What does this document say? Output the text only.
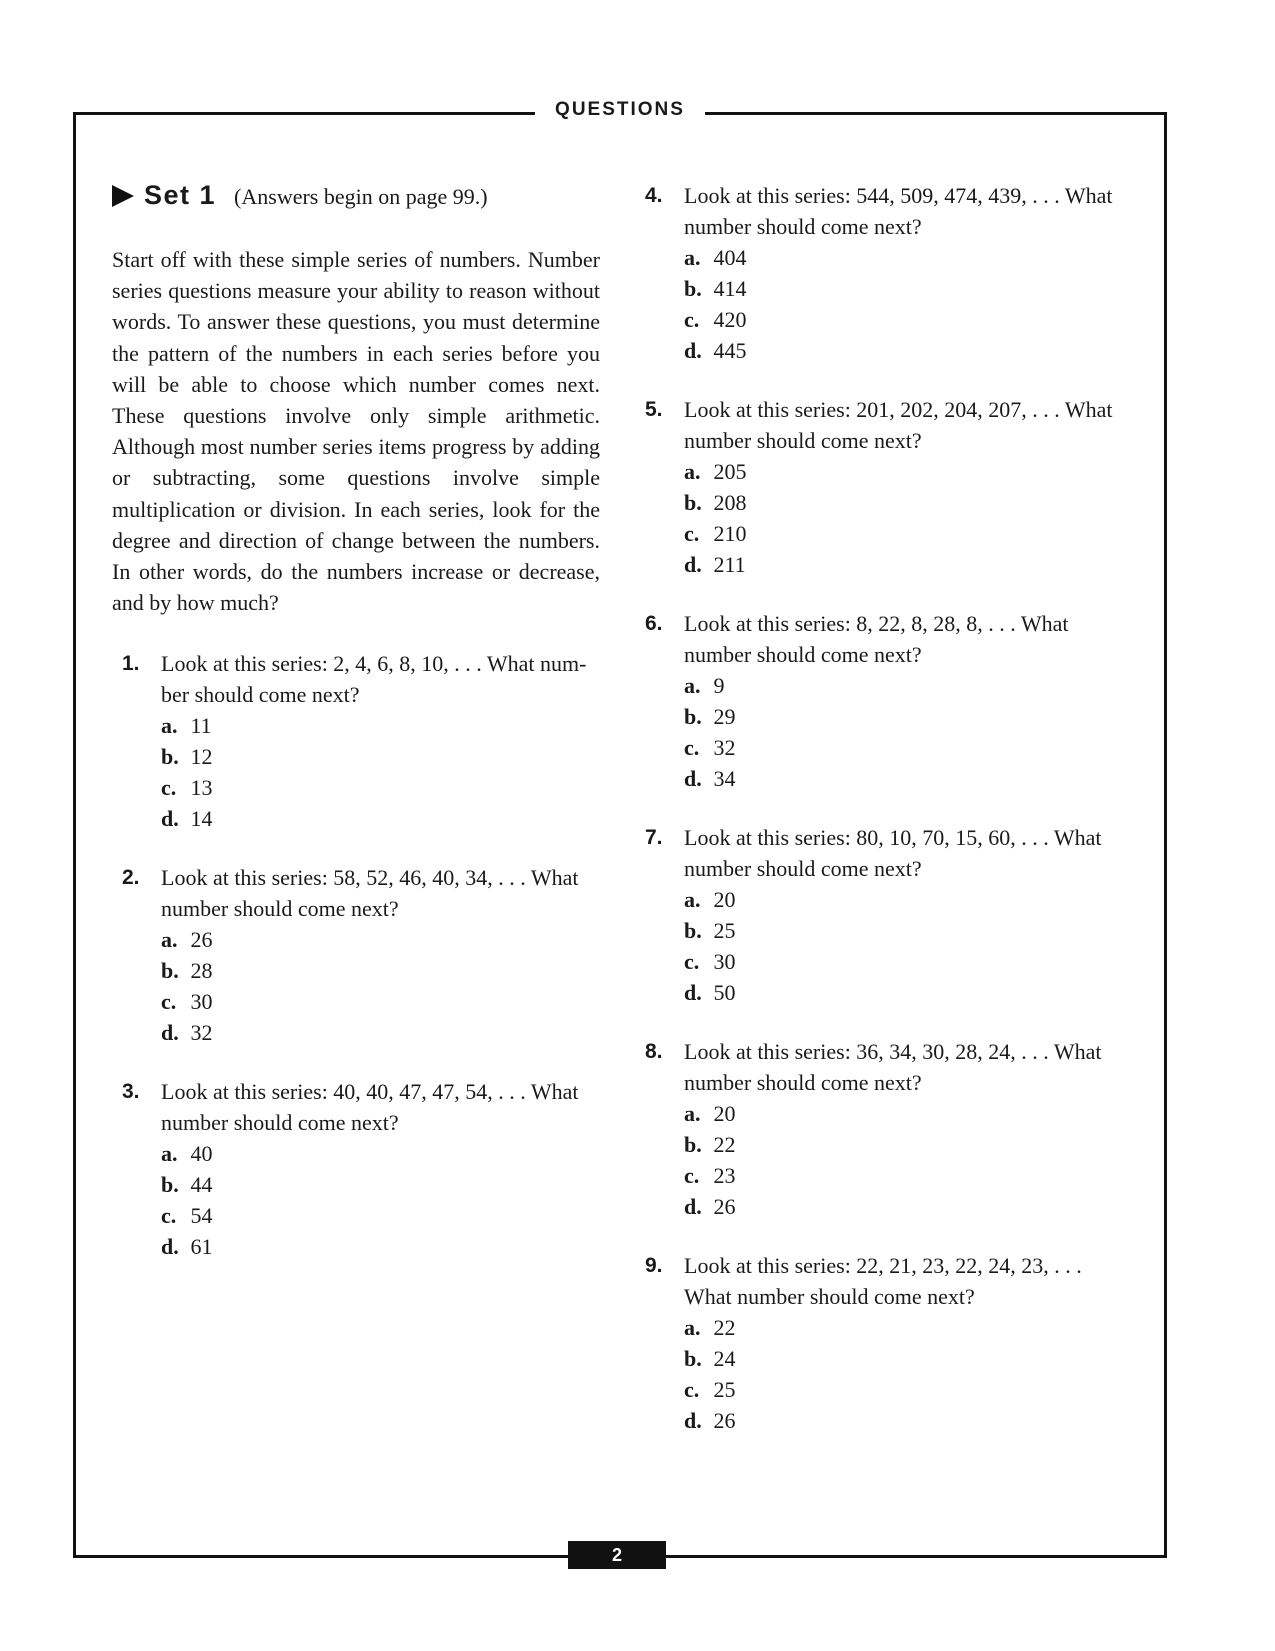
QUESTIONS
Set 1 (Answers begin on page 99.)

Start off with these simple series of numbers. Number series questions measure your ability to reason without words. To answer these questions, you must determine the pattern of the numbers in each series before you will be able to choose which number comes next. These questions involve only simple arithmetic. Although most number series items progress by adding or subtracting, some questions involve simple multiplication or division. In each series, look for the degree and direction of change between the numbers. In other words, do the numbers increase or decrease, and by how much?

1. Look at this series: 2, 4, 6, 8, 10, . . . What number should come next?
a. 11
b. 12
c. 13
d. 14
2. Look at this series: 58, 52, 46, 40, 34, . . . What number should come next?
a. 26
b. 28
c. 30
d. 32
3. Look at this series: 40, 40, 47, 47, 54, . . . What number should come next?
a. 40
b. 44
c. 54
d. 61
4. Look at this series: 544, 509, 474, 439, . . . What number should come next?
a. 404
b. 414
c. 420
d. 445
5. Look at this series: 201, 202, 204, 207, . . . What number should come next?
a. 205
b. 208
c. 210
d. 211
6. Look at this series: 8, 22, 8, 28, 8, . . . What number should come next?
a. 9
b. 29
c. 32
d. 34
7. Look at this series: 80, 10, 70, 15, 60, . . . What number should come next?
a. 20
b. 25
c. 30
d. 50
8. Look at this series: 36, 34, 30, 28, 24, . . . What number should come next?
a. 20
b. 22
c. 23
d. 26
9. Look at this series: 22, 21, 23, 22, 24, 23, . . . What number should come next?
a. 22
b. 24
c. 25
d. 26
2
